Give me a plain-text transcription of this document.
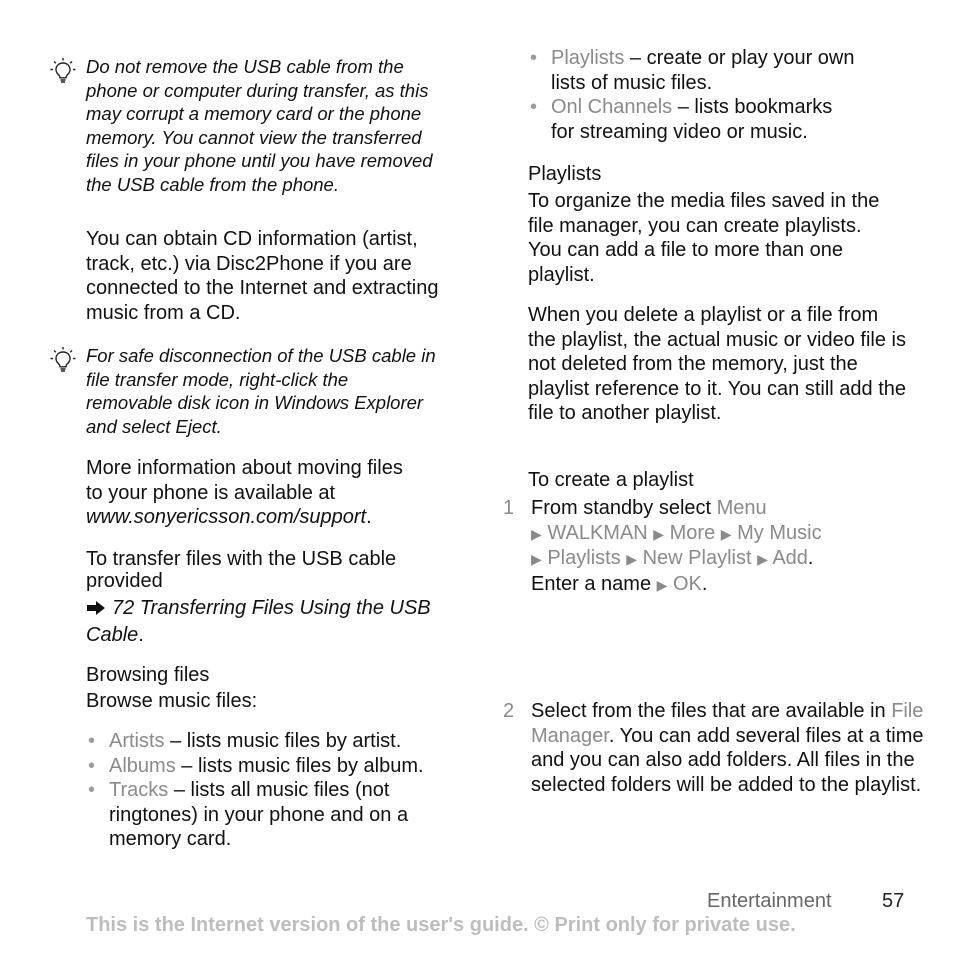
Do not remove the USB cable from the phone or computer during transfer, as this may corrupt a memory card or the phone memory. You cannot view the transferred files in your phone until you have removed the USB cable from the phone.

You can obtain CD information (artist, track, etc.) via Disc2Phone if you are connected to the Internet and extracting music from a CD.

For safe disconnection of the USB cable in file transfer mode, right-click the removable disk icon in Windows Explorer and select Eject.

More information about moving files to your phone is available at www.sonyericsson.com/support.

To transfer files with the USB cable provided

72 Transferring Files Using the USB Cable.

Browsing files

Browse music files:

• Artists – lists music files by artist.
• Albums – lists music files by album.
• Tracks – lists all music files (not ringtones) in your phone and on a memory card.
• Playlists – create or play your own lists of music files.
• Onl Channels – lists bookmarks for streaming video or music.

Playlists

To organize the media files saved in the file manager, you can create playlists. You can add a file to more than one playlist.

When you delete a playlist or a file from the playlist, the actual music or video file is not deleted from the memory, just the playlist reference to it. You can still add the file to another playlist.

To create a playlist

1 From standby select Menu
▶ WALKMAN ▶ More ▶ My Music
▶ Playlists ▶ New Playlist ▶ Add.
Enter a name ▶ OK.
2 Select from the files that are available in File Manager. You can add several files at a time and you can also add folders. All files in the selected folders will be added to the playlist.
Entertainment	57
This is the Internet version of the user's guide. © Print only for private use.
